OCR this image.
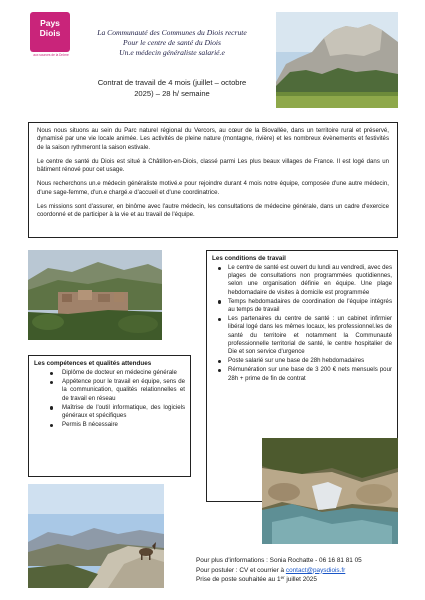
Pays
Diois
aux sources de la Drôme
La Communauté des Communes du Diois recrute
Pour le centre de santé du Diois
Un.e médecin généraliste salarié.e
Contrat de travail de 4 mois (juillet – octobre
2025) – 28 h/ semaine

Nous nous situons au sein du Parc naturel régional du Vercors, au cœur de la Biovallée, dans un territoire rural et préservé, dynamisé par une vie locale animée. Les activités de pleine nature (montagne, rivière) et les nombreux évènements et festivités de la saison rythmeront la saison estivale.

Le centre de santé du Diois est situé à Châtillon-en-Diois, classé parmi Les plus beaux villages de France. Il est logé dans un bâtiment rénové pour cet usage.

Nous recherchons un.e médecin généraliste motivé.e pour rejoindre durant 4 mois notre équipe, composée d'une autre médecin, d'une sage-femme, d'un.e chargé.e d'accueil et d'une coordinatrice.

Les missions sont d'assurer, en binôme avec l'autre médecin, les consultations de médecine générale, dans un cadre d'exercice coordonné et de participer à la vie et au travail de l'équipe.

Les conditions de travail
Le centre de santé est ouvert du lundi au vendredi, avec des plages de consultations non programmées quotidiennes, selon une organisation définie en équipe. Une plage hebdomadaire de visites à domicile est programmée
Temps hebdomadaires de coordination de l'équipe intégrés au temps de travail
Les partenaires du centre de santé : un cabinet infirmier libéral logé dans les mêmes locaux, les professionnel.les de santé du territoire et notamment la Communauté professionnelle territorial de santé, le centre hospitalier de Die et son service d'urgence
Poste salarié sur une base de 28h hebdomadaires
Rémunération sur une base de 3 200 € nets mensuels pour 28h + prime de fin de contrat
Les compétences et qualités attendues
Diplôme de docteur en médecine générale
Appétence pour le travail en équipe, sens de la communication, qualités relationnelles et de travail en réseau
Maîtrise de l'outil informatique, des logiciels généraux et spécifiques
Permis B nécessaire
Pour plus d'informations : Sonia Rochatte - 06 16 81 81 05
Pour postuler : CV et courrier à contact@paysdiois.fr
Prise de poste souhaitée au 1er juillet 2025
